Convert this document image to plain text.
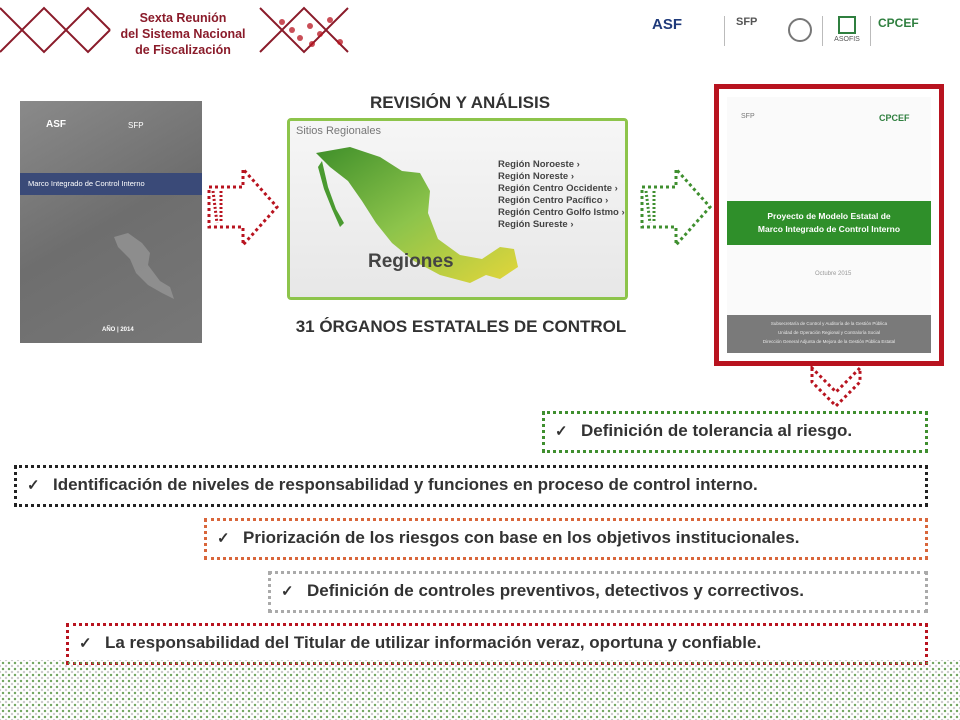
Sexta Reunión
del Sistema Nacional
de Fiscalización
ASF	SFP
ASOFIS
CPCEF
REVISIÓN Y ANÁLISIS
31 ÓRGANOS ESTATALES DE CONTROL
ASF	SFP
Marco Integrado de Control Interno
AÑO | 2014
Sitios Regionales
Región Noroeste ›
Región Noreste ›
Región Centro Occidente ›
Región Centro Pacífico ›
Región Centro Golfo Istmo ›
Región Sureste ›
Regiones
SFP	CPCEF
Proyecto de Modelo Estatal de
Marco Integrado de Control Interno
Octubre 2015
Subsecretaría de Control y Auditoría de la Gestión Pública
Unidad de Operación Regional y Contraloría Social
Dirección General Adjunta de Mejora de la Gestión Pública Estatal
✓ Definición de tolerancia al riesgo.
✓ Identificación de niveles de responsabilidad y funciones en proceso de control interno.
✓ Priorización de los riesgos con base en los objetivos institucionales.
✓ Definición de controles preventivos, detectivos y correctivos.
✓ La responsabilidad del Titular de utilizar información veraz, oportuna y confiable.
